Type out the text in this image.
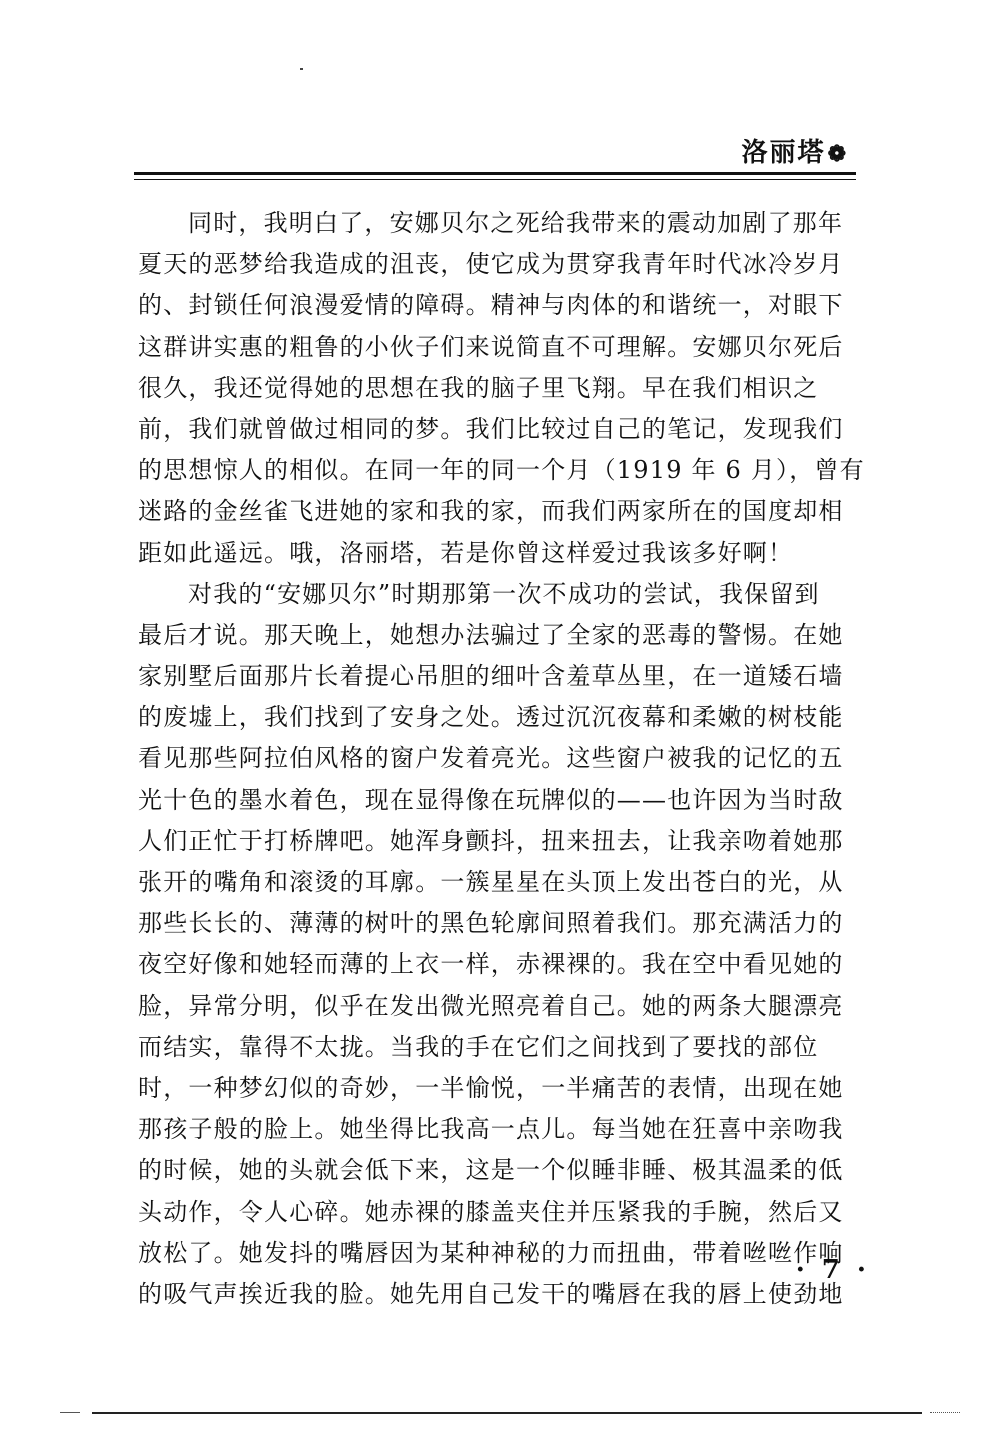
洛丽塔❁
同时，我明白了，安娜贝尔之死给我带来的震动加剧了那年
夏天的恶梦给我造成的沮丧，使它成为贯穿我青年时代冰冷岁月
的、封锁任何浪漫爱情的障碍。精神与肉体的和谐统一，对眼下
这群讲实惠的粗鲁的小伙子们来说简直不可理解。安娜贝尔死后
很久，我还觉得她的思想在我的脑子里飞翔。早在我们相识之
前，我们就曾做过相同的梦。我们比较过自己的笔记，发现我们
的思想惊人的相似。在同一年的同一个月（1919 年 6 月），曾有
迷路的金丝雀飞进她的家和我的家，而我们两家所在的国度却相
距如此遥远。哦，洛丽塔，若是你曾这样爱过我该多好啊！
对我的“安娜贝尔”时期那第一次不成功的尝试，我保留到
最后才说。那天晚上，她想办法骗过了全家的恶毒的警惕。在她
家别墅后面那片长着提心吊胆的细叶含羞草丛里，在一道矮石墙
的废墟上，我们找到了安身之处。透过沉沉夜幕和柔嫩的树枝能
看见那些阿拉伯风格的窗户发着亮光。这些窗户被我的记忆的五
光十色的墨水着色，现在显得像在玩牌似的——也许因为当时敌
人们正忙于打桥牌吧。她浑身颤抖，扭来扭去，让我亲吻着她那
张开的嘴角和滚烫的耳廓。一簇星星在头顶上发出苍白的光，从
那些长长的、薄薄的树叶的黑色轮廓间照着我们。那充满活力的
夜空好像和她轻而薄的上衣一样，赤裸裸的。我在空中看见她的
脸，异常分明，似乎在发出微光照亮着自己。她的两条大腿漂亮
而结实，靠得不太拢。当我的手在它们之间找到了要找的部位
时，一种梦幻似的奇妙，一半愉悦，一半痛苦的表情，出现在她
那孩子般的脸上。她坐得比我高一点儿。每当她在狂喜中亲吻我
的时候，她的头就会低下来，这是一个似睡非睡、极其温柔的低
头动作，令人心碎。她赤裸的膝盖夹住并压紧我的手腕，然后又
放松了。她发抖的嘴唇因为某种神秘的力而扭曲，带着咝咝作响
的吸气声挨近我的脸。她先用自己发干的嘴唇在我的唇上使劲地
· 7 ·
